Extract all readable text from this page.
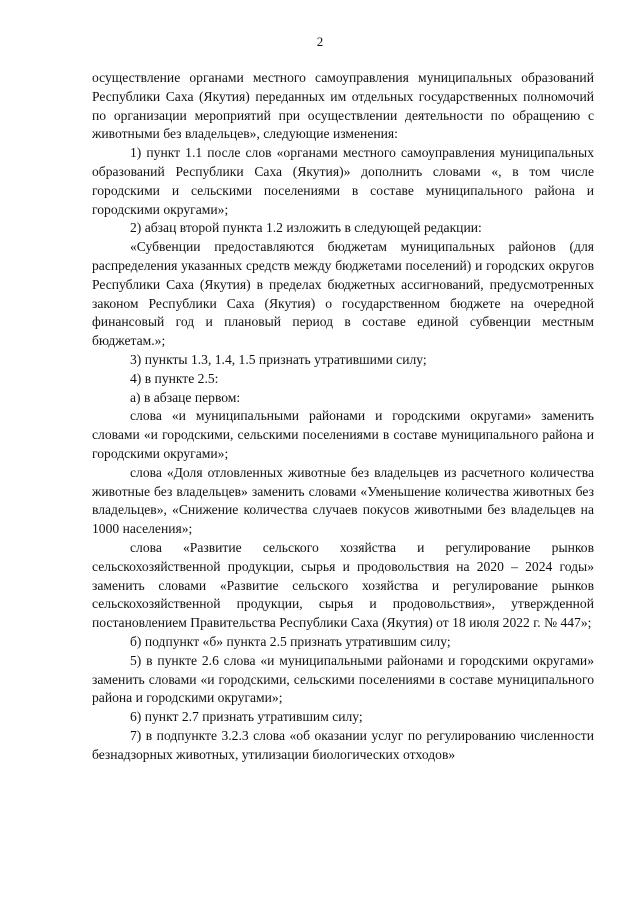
2

осуществление органами местного самоуправления муниципальных образований Республики Саха (Якутия) переданных им отдельных государственных полномочий по организации мероприятий при осуществлении деятельности по обращению с животными без владельцев», следующие изменения:

1) пункт 1.1 после слов «органами местного самоуправления муниципальных образований Республики Саха (Якутия)» дополнить словами «, в том числе городскими и сельскими поселениями в составе муниципального района и городскими округами»;

2) абзац второй пункта 1.2 изложить в следующей редакции:

«Субвенции предоставляются бюджетам муниципальных районов (для распределения указанных средств между бюджетами поселений) и городских округов Республики Саха (Якутия) в пределах бюджетных ассигнований, предусмотренных законом Республики Саха (Якутия) о государственном бюджете на очередной финансовый год и плановый период в составе единой субвенции местным бюджетам.»;

3) пункты 1.3, 1.4, 1.5 признать утратившими силу;

4) в пункте 2.5:

а) в абзаце первом:

слова «и муниципальными районами и городскими округами» заменить словами «и городскими, сельскими поселениями в составе муниципального района и городскими округами»;

слова «Доля отловленных животные без владельцев из расчетного количества животные без владельцев» заменить словами «Уменьшение количества животных без владельцев», «Снижение количества случаев покусов животными без владельцев на 1000 населения»;

слова «Развитие сельского хозяйства и регулирование рынков сельскохозяйственной продукции, сырья и продовольствия на 2020 – 2024 годы» заменить словами «Развитие сельского хозяйства и регулирование рынков сельскохозяйственной продукции, сырья и продовольствия», утвержденной постановлением Правительства Республики Саха (Якутия) от 18 июля 2022 г. № 447»;

б) подпункт «б» пункта 2.5 признать утратившим силу;

5) в пункте 2.6 слова «и муниципальными районами и городскими округами» заменить словами «и городскими, сельскими поселениями в составе муниципального района и городскими округами»;

6) пункт 2.7 признать утратившим силу;

7) в подпункте 3.2.3 слова «об оказании услуг по регулированию численности безнадзорных животных, утилизации биологических отходов»
